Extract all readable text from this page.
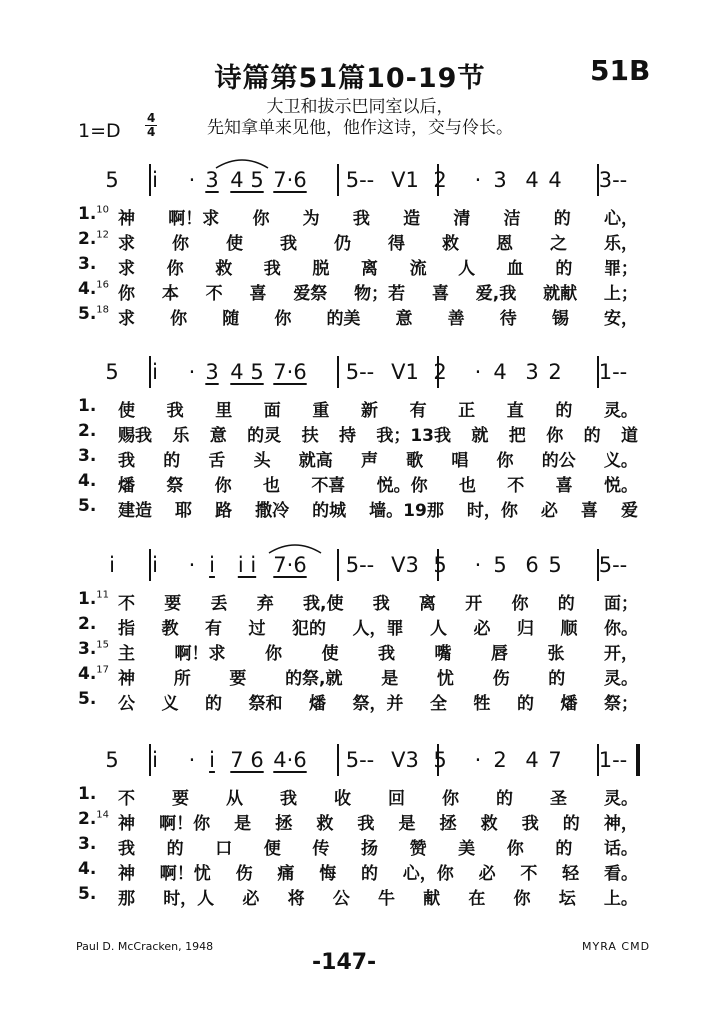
诗篇第51篇10-19节	51B
大卫和拔示巴同室以后，
先知拿单来见他，他作这诗，交与伶长。
1=D
4
4
5	i̇	· 3 4 5 7·6	5-- V1 2	· 3 4 4	3--
1.10 神 啊！求 你 为 我 造 清 洁 的 心，
2.12 求 你 使 我 仍 得 救 恩 之 乐，
3. 求 你 救 我 脱 离 流 人 血 的 罪；
4.16 你 本 不 喜 爱祭 物；若 喜 爱,我 就献 上；
5.18 求 你 随 你 的美 意 善 待 锡 安，
5	i̇	· 3 4 5 7·6	5-- V1 2	· 4 3 2	1--
1. 使 我 里 面 重 新 有 正 直 的 灵。
2. 赐我 乐 意 的灵 扶 持 我；13我 就 把 你 的 道
3. 我 的 舌 头 就高 声 歌 唱 你 的公 义。
4. 燔 祭 你 也 不喜 悦。你 也 不 喜 悦。
5. 建造 耶 路 撒冷 的城 墙。19那 时，你 必 喜 爱
i̇	i̇	· i̇	i̇ i̇ 7·6	5-- V3 5	· 5 6 5	5--
1.11 不 要 丢 弃 我,使 我 离 开 你 的 面；
2. 指 教 有 过 犯的 人，罪 人 必 归 顺 你。
3.15 主 啊！求 你 使 我 嘴 唇 张 开，
4.17 神 所 要 的祭,就 是 忧 伤 的 灵。
5. 公 义 的 祭和 燔 祭，并 全 牲 的 燔 祭；
5	i̇	· i̇ 7 6 4·6	5-- V3 5	· 2 4 7	1--
1. 不 要 从 我 收 回 你 的 圣 灵。
2.14 神 啊！你 是 拯 救 我 是 拯 救 我 的 神，
3. 我 的 口 便 传 扬 赞 美 你 的 话。
4. 神 啊！忧 伤 痛 悔 的 心，你 必 不 轻 看。
5. 那 时，人 必 将 公 牛 献 在 你 坛 上。
Paul D. McCracken, 1948	MYRA CMD
-147-
